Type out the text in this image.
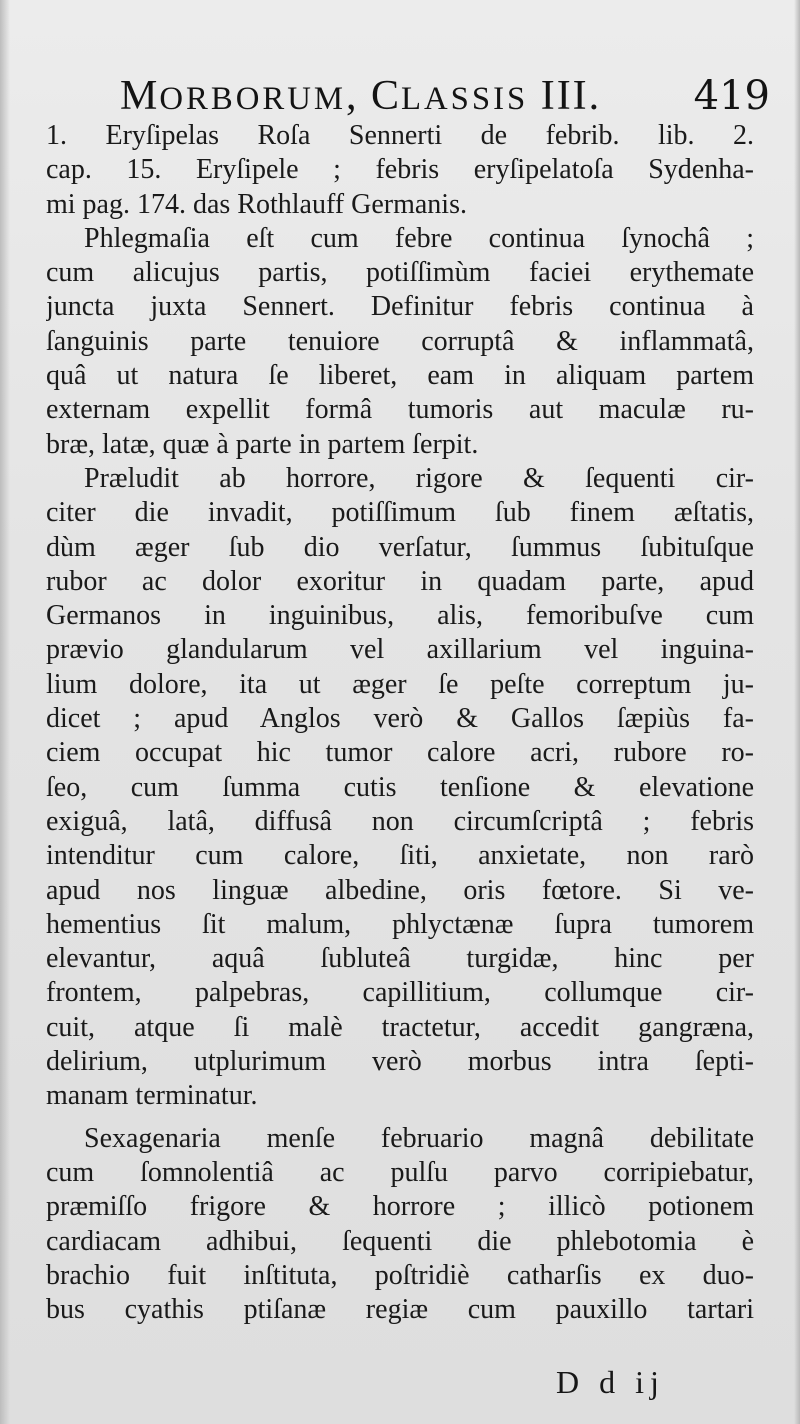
MORBORUM, CLASSIS III. 419
1. Eryſipelas Roſa Sennerti de febrib. lib. 2.
cap. 15. Eryſipele ; febris eryſipelatoſa Sydenha-
mi pag. 174. das Rothlauff Germanis.
Phlegmaſia eſt cum febre continua ſynochâ ;
cum alicujus partis, potiſſimùm faciei erythemate
juncta juxta Sennert. Definitur febris continua à
ſanguinis parte tenuiore corruptâ & inflammatâ,
quâ ut natura ſe liberet, eam in aliquam partem
externam expellit formâ tumoris aut maculæ ru-
bræ, latæ, quæ à parte in partem ſerpit.
Præludit ab horrore, rigore & ſequenti cir-
citer die invadit, potiſſimum ſub finem æſtatis,
dùm æger ſub dio verſatur, ſummus ſubituſque
rubor ac dolor exoritur in quadam parte, apud
Germanos in inguinibus, alis, femoribuſve cum
prævio glandularum vel axillarium vel inguina-
lium dolore, ita ut æger ſe peſte correptum ju-
dicet ; apud Anglos verò & Gallos ſæpiùs fa-
ciem occupat hic tumor calore acri, rubore ro-
ſeo, cum ſumma cutis tenſione & elevatione
exiguâ, latâ, diffusâ non circumſcriptâ ; febris
intenditur cum calore, ſiti, anxietate, non rarò
apud nos linguæ albedine, oris fœtore. Si ve-
hementius ſit malum, phlyctænæ ſupra tumorem
elevantur, aquâ ſubluteâ turgidæ, hinc per
frontem, palpebras, capillitium, collumque cir-
cuit, atque ſi malè tractetur, accedit gangræna,
delirium, utplurimum verò morbus intra ſepti-
manam terminatur.
Sexagenaria menſe februario magnâ debilitate
cum ſomnolentiâ ac pulſu parvo corripiebatur,
præmiſſo frigore & horrore ; illicò potionem
cardiacam adhibui, ſequenti die phlebotomia è
brachio fuit inſtituta, poſtridiè catharſis ex duo-
bus cyathis ptiſanæ regiæ cum pauxillo tartari
D d ij
